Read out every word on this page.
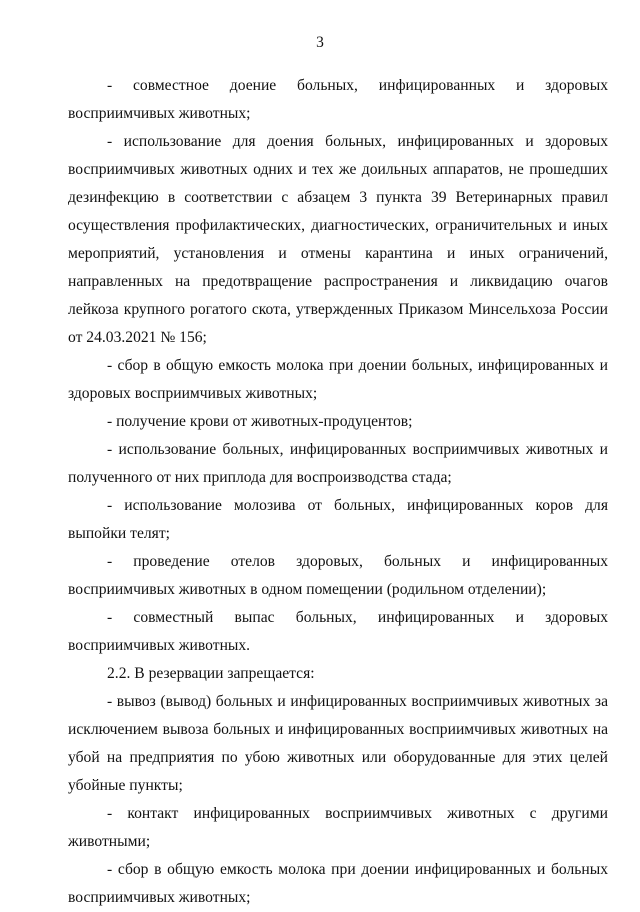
3

- совместное доение больных, инфицированных и здоровых восприимчивых животных;

- использование для доения больных, инфицированных и здоровых восприимчивых животных одних и тех же доильных аппаратов, не прошедших дезинфекцию в соответствии с абзацем 3 пункта 39 Ветеринарных правил осуществления профилактических, диагностических, ограничительных и иных мероприятий, установления и отмены карантина и иных ограничений, направленных на предотвращение распространения и ликвидацию очагов лейкоза крупного рогатого скота, утвержденных Приказом Минсельхоза России от 24.03.2021 № 156;

- сбор в общую емкость молока при доении больных, инфицированных и здоровых восприимчивых животных;

- получение крови от животных-продуцентов;

- использование больных, инфицированных восприимчивых животных и полученного от них приплода для воспроизводства стада;

- использование молозива от больных, инфицированных коров для выпойки телят;

- проведение отелов здоровых, больных и инфицированных восприимчивых животных в одном помещении (родильном отделении);

- совместный выпас больных, инфицированных и здоровых восприимчивых животных.

2.2. В резервации запрещается:

- вывоз (вывод) больных и инфицированных восприимчивых животных за исключением вывоза больных и инфицированных восприимчивых животных на убой на предприятия по убою животных или оборудованные для этих целей убойные пункты;

- контакт инфицированных восприимчивых животных с другими животными;

- сбор в общую емкость молока при доении инфицированных и больных восприимчивых животных;
